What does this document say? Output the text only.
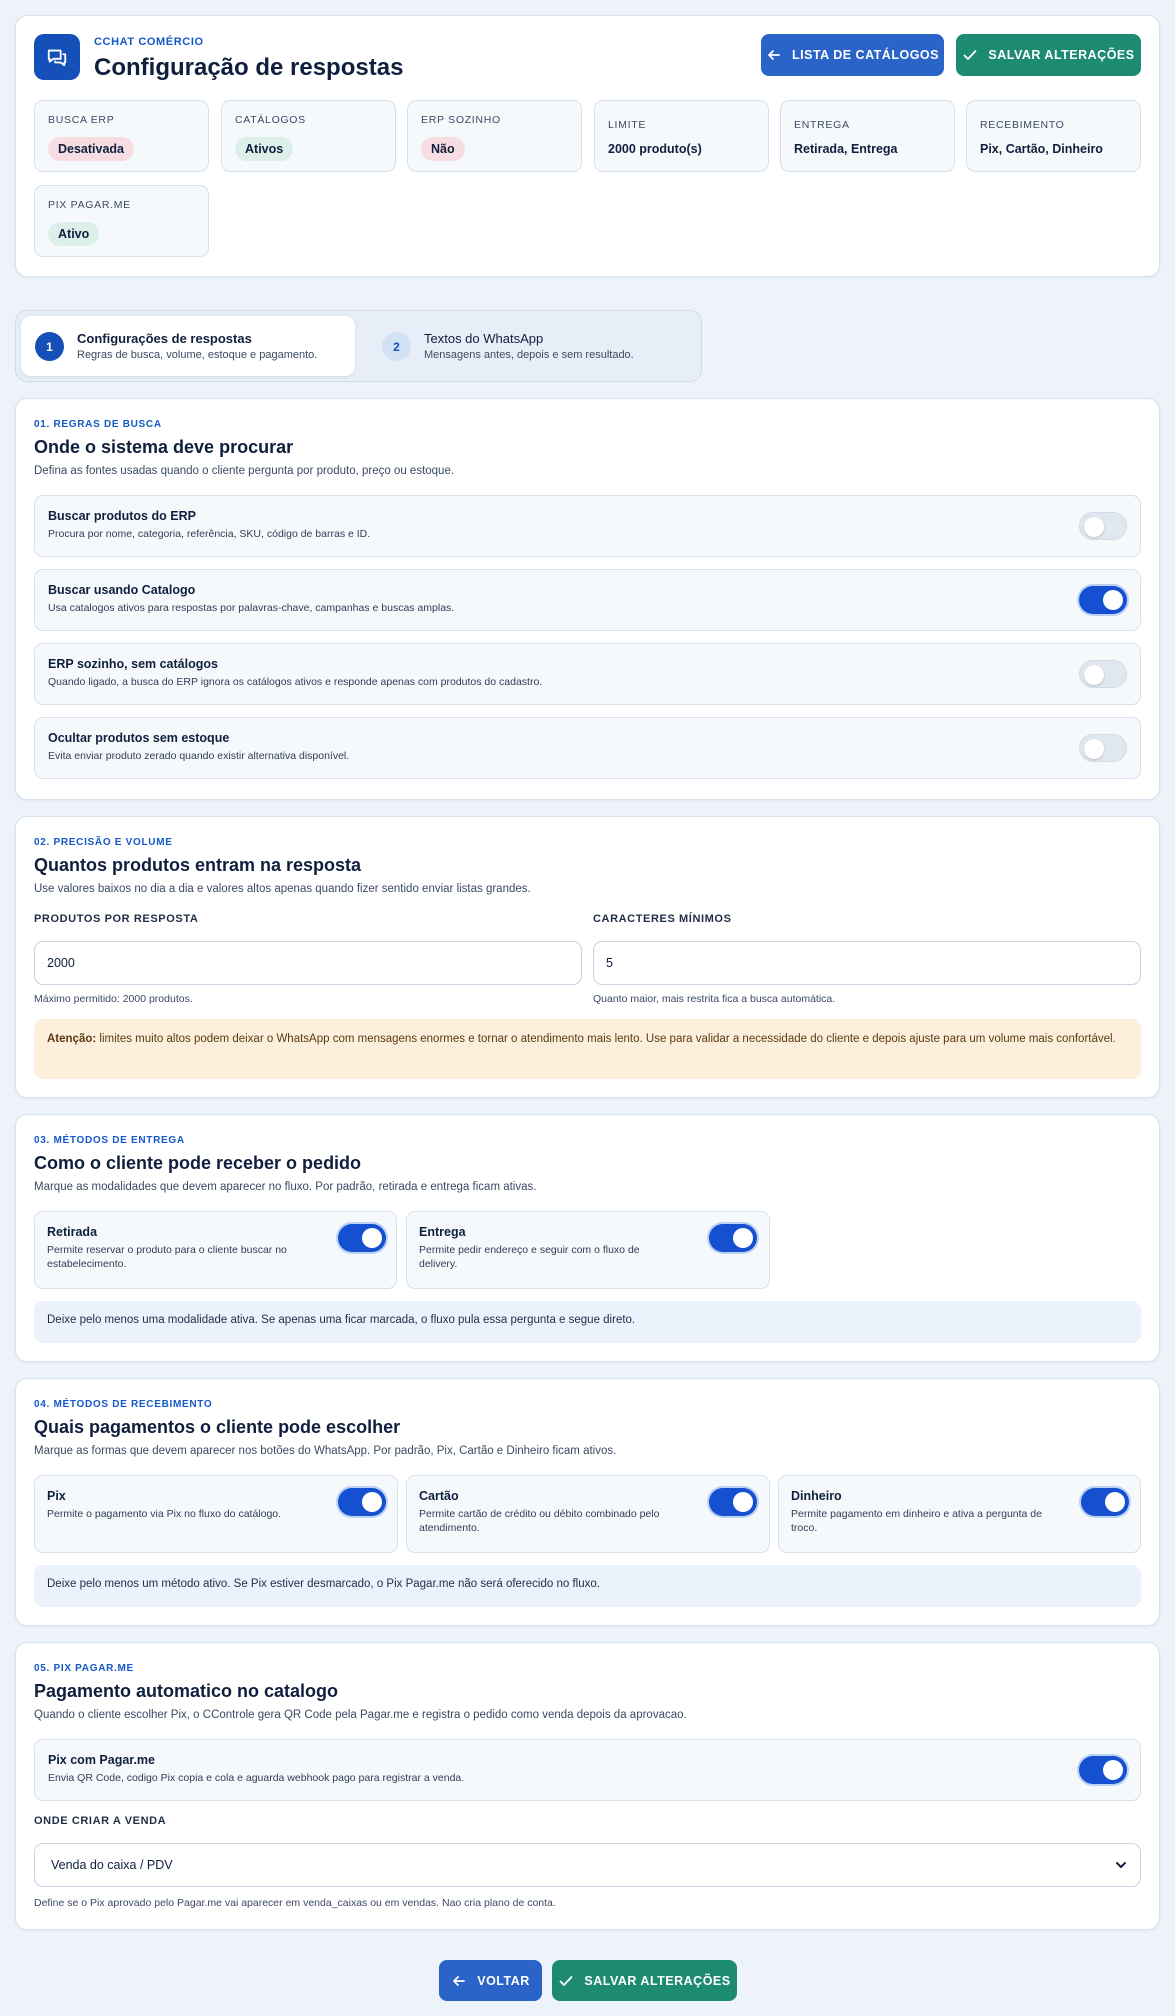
CCHAT COMÉRCIO
Configuração de respostas	LISTA DE CATÁLOGOS	SALVAR ALTERAÇÕES
BUSCA ERP
Desativada
CATÁLOGOS
Ativos
ERP SOZINHO
Não
LIMITE
2000 produto(s)
ENTREGA
Retirada, Entrega
RECEBIMENTO
Pix, Cartão, Dinheiro
PIX PAGAR.ME
Ativo
1
Configurações de respostas
Regras de busca, volume, estoque e pagamento.
2
Textos do WhatsApp
Mensagens antes, depois e sem resultado.
01. REGRAS DE BUSCA
Onde o sistema deve procurar
Defina as fontes usadas quando o cliente pergunta por produto, preço ou estoque.
Buscar produtos do ERP
Procura por nome, categoria, referência, SKU, código de barras e ID.
Buscar usando Catalogo
Usa catalogos ativos para respostas por palavras-chave, campanhas e buscas amplas.
ERP sozinho, sem catálogos
Quando ligado, a busca do ERP ignora os catálogos ativos e responde apenas com produtos do cadastro.
Ocultar produtos sem estoque
Evita enviar produto zerado quando existir alternativa disponível.
02. PRECISÃO E VOLUME
Quantos produtos entram na resposta
Use valores baixos no dia a dia e valores altos apenas quando fizer sentido enviar listas grandes.
PRODUTOS POR RESPOSTA
2000
Máximo permitido: 2000 produtos.
CARACTERES MÍNIMOS
5
Quanto maior, mais restrita fica a busca automática.
Atenção: limites muito altos podem deixar o WhatsApp com mensagens enormes e tornar o atendimento mais lento. Use para validar a necessidade do cliente e depois ajuste para um volume mais confortável.
03. MÉTODOS DE ENTREGA
Como o cliente pode receber o pedido
Marque as modalidades que devem aparecer no fluxo. Por padrão, retirada e entrega ficam ativas.
Retirada
Permite reservar o produto para o cliente buscar no estabelecimento.
Entrega
Permite pedir endereço e seguir com o fluxo de delivery.
Deixe pelo menos uma modalidade ativa. Se apenas uma ficar marcada, o fluxo pula essa pergunta e segue direto.
04. MÉTODOS DE RECEBIMENTO
Quais pagamentos o cliente pode escolher
Marque as formas que devem aparecer nos botões do WhatsApp. Por padrão, Pix, Cartão e Dinheiro ficam ativos.
Pix
Permite o pagamento via Pix no fluxo do catálogo.
Cartão
Permite cartão de crédito ou débito combinado pelo atendimento.
Dinheiro
Permite pagamento em dinheiro e ativa a pergunta de troco.
Deixe pelo menos um método ativo. Se Pix estiver desmarcado, o Pix Pagar.me não será oferecido no fluxo.
05. PIX PAGAR.ME
Pagamento automatico no catalogo
Quando o cliente escolher Pix, o CControle gera QR Code pela Pagar.me e registra o pedido como venda depois da aprovacao.
Pix com Pagar.me
Envia QR Code, codigo Pix copia e cola e aguarda webhook pago para registrar a venda.
ONDE CRIAR A VENDA
Venda do caixa / PDV
Define se o Pix aprovado pelo Pagar.me vai aparecer em venda_caixas ou em vendas. Nao cria plano de conta.
VOLTAR	SALVAR ALTERAÇÕES
